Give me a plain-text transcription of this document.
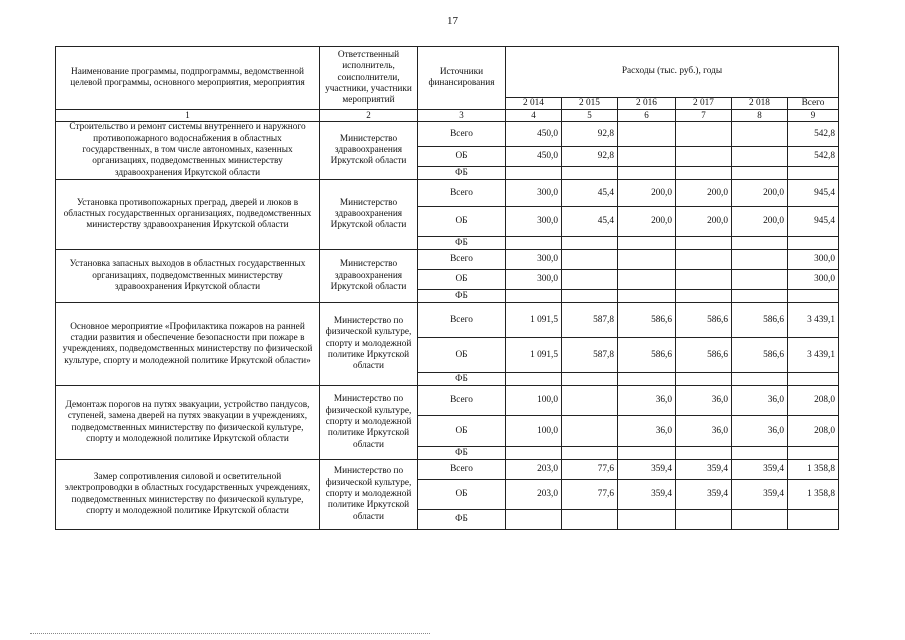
17
Наименование программы, подпрограммы, ведомственной целевой программы, основного мероприятия, мероприятия	Ответственный исполнитель, соисполнители, участники, участники мероприятий	Источники финансирования	Расходы (тыс. руб.), годы					
			2 014	2 015	2 016	2 017	2 018	Всего
1	2	3	4	5	6	7	8	9
Строительство и ремонт системы внутреннего и наружного противопожарного водоснабжения в областных государственных, в том числе автономных, казенных организациях, подведомственных министерству здравоохранения Иркутской области	Министерство здравоохранения Иркутской области	Всего	450,0	92,8				542,8
		ОБ	450,0	92,8				542,8
		ФБ						
Установка противопожарных преград, дверей и люков в областных государственных организациях, подведомственных министерству здравоохранения Иркутской области	Министерство здравоохранения Иркутской области	Всего	300,0	45,4	200,0	200,0	200,0	945,4
		ОБ	300,0	45,4	200,0	200,0	200,0	945,4
		ФБ						
Установка запасных выходов в областных государственных организациях, подведомственных министерству здравоохранения Иркутской области	Министерство здравоохранения Иркутской области	Всего	300,0					300,0
		ОБ	300,0					300,0
		ФБ						
Основное мероприятие «Профилактика пожаров на ранней стадии развития и обеспечение безопасности при пожаре в учреждениях, подведомственных министерству по физической культуре, спорту и молодежной политике Иркутской области»	Министерство по физической культуре, спорту и молодежной политике Иркутской области	Всего	1 091,5	587,8	586,6	586,6	586,6	3 439,1
		ОБ	1 091,5	587,8	586,6	586,6	586,6	3 439,1
		ФБ						
Демонтаж порогов на путях эвакуации, устройство пандусов, ступеней, замена дверей на путях эвакуации в учреждениях, подведомственных министерству по физической культуре, спорту и молодежной политике Иркутской области	Министерство по физической культуре, спорту и молодежной политике Иркутской области	Всего	100,0		36,0	36,0	36,0	208,0
		ОБ	100,0		36,0	36,0	36,0	208,0
		ФБ						
Замер сопротивления силовой и осветительной электропроводки в областных государственных учреждениях, подведомственных министерству по физической культуре, спорту и молодежной политике Иркутской области	Министерство по физической культуре, спорту и молодежной политике Иркутской области	Всего	203,0	77,6	359,4	359,4	359,4	1 358,8
		ОБ	203,0	77,6	359,4	359,4	359,4	1 358,8
		ФБ						
